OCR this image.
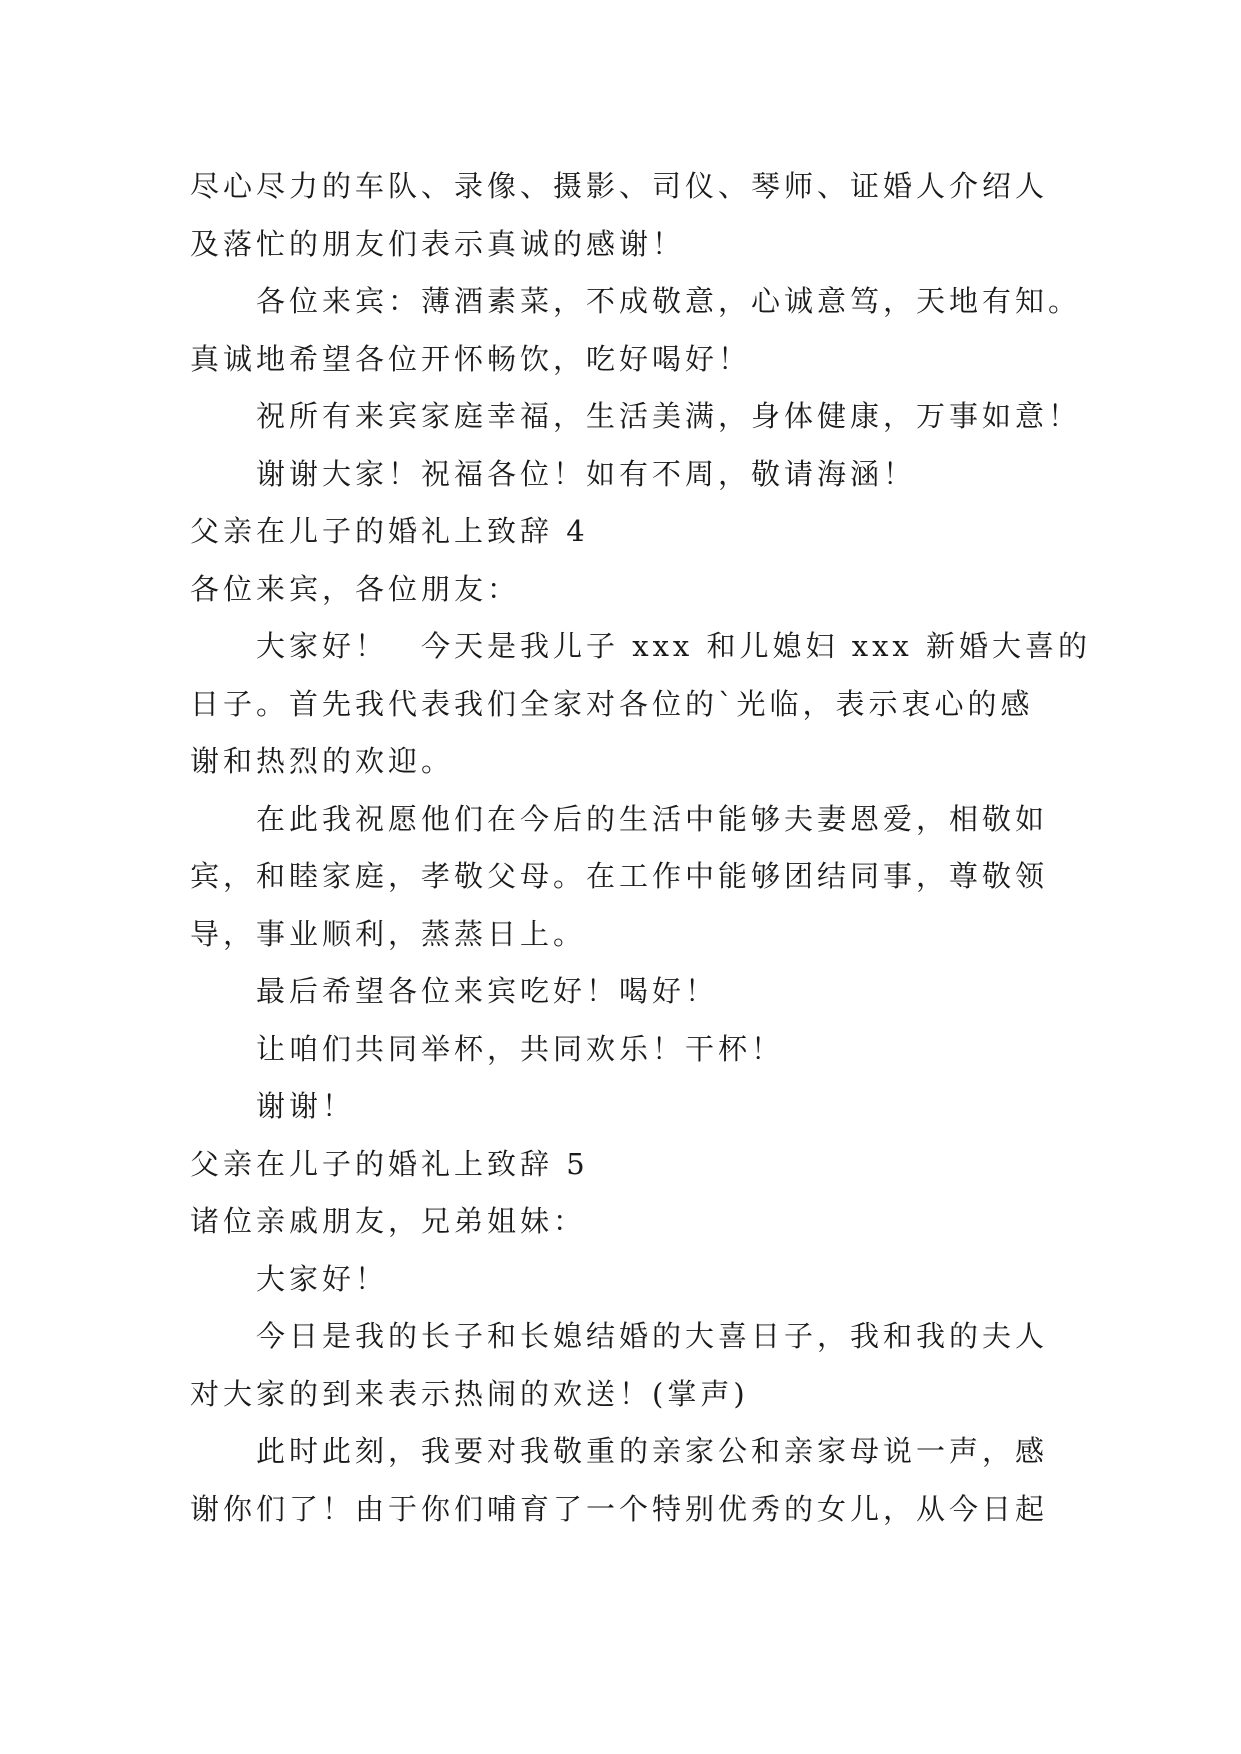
尽心尽力的车队、录像、摄影、司仪、琴师、证婚人介绍人
及落忙的朋友们表示真诚的感谢！
各位来宾：薄酒素菜，不成敬意，心诚意笃，天地有知。
真诚地希望各位开怀畅饮，吃好喝好！
祝所有来宾家庭幸福，生活美满，身体健康，万事如意！
谢谢大家！祝福各位！如有不周，敬请海涵！
父亲在儿子的婚礼上致辞 4
各位来宾，各位朋友：
大家好！　今天是我儿子 xxx 和儿媳妇 xxx 新婚大喜的
日子。首先我代表我们全家对各位的`光临，表示衷心的感
谢和热烈的欢迎。
在此我祝愿他们在今后的生活中能够夫妻恩爱，相敬如
宾，和睦家庭，孝敬父母。在工作中能够团结同事，尊敬领
导，事业顺利，蒸蒸日上。
最后希望各位来宾吃好！喝好！
让咱们共同举杯，共同欢乐！干杯！
谢谢！
父亲在儿子的婚礼上致辞 5
诸位亲戚朋友，兄弟姐妹：
大家好！
今日是我的长子和长媳结婚的大喜日子，我和我的夫人
对大家的到来表示热闹的欢送！(掌声)
此时此刻，我要对我敬重的亲家公和亲家母说一声，感
谢你们了！由于你们哺育了一个特别优秀的女儿，从今日起
